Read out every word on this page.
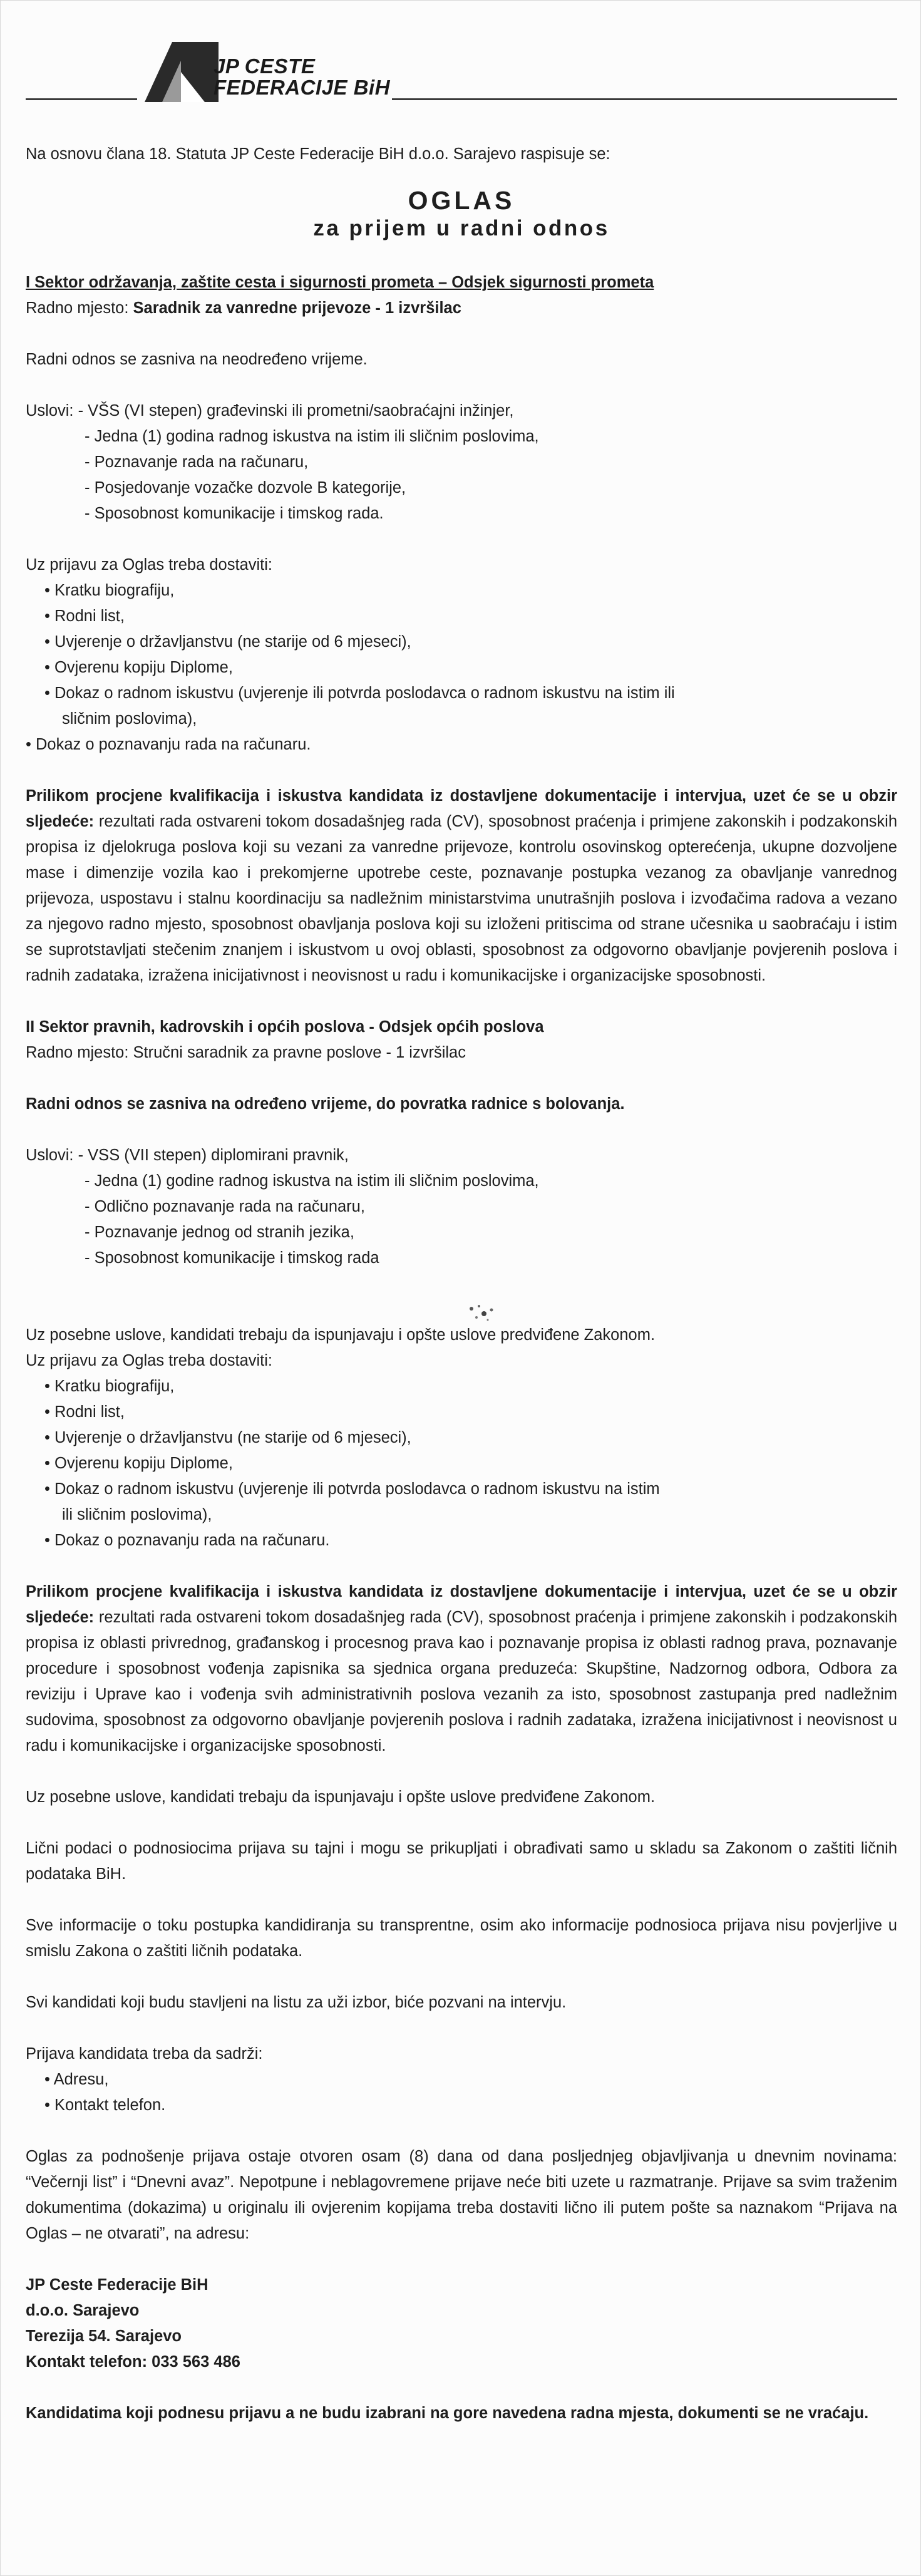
JP CESTE
FEDERACIJE BiH

Na osnovu člana 18. Statuta JP Ceste Federacije BiH d.o.o. Sarajevo raspisuje se:

OGLAS

za prijem u radni odnos

I Sektor održavanja, zaštite cesta i sigurnosti prometa – Odsjek sigurnosti prometa

Radno mjesto: Saradnik za vanredne prijevoze - 1 izvršilac

Radni odnos se zasniva na neodređeno vrijeme.

Uslovi: - VŠS (VI stepen) građevinski ili prometni/saobraćajni inžinjer,

- Jedna (1) godina radnog iskustva na istim ili sličnim poslovima,

- Poznavanje rada na računaru,

- Posjedovanje vozačke dozvole B kategorije,

- Sposobnost komunikacije i timskog rada.

Uz prijavu za Oglas treba dostaviti:

• Kratku biografiju,

• Rodni list,

• Uvjerenje o državljanstvu (ne starije od 6 mjeseci),

• Ovjerenu kopiju Diplome,

• Dokaz o radnom iskustvu (uvjerenje ili potvrda poslodavca o radnom iskustvu na istim ili

sličnim poslovima),

• Dokaz o poznavanju rada na računaru.

Prilikom procjene kvalifikacija i iskustva kandidata iz dostavljene dokumentacije i intervjua, uzet će se u obzir sljedeće: rezultati rada ostvareni tokom dosadašnjeg rada (CV), sposobnost praćenja i primjene zakonskih i podzakonskih propisa iz djelokruga poslova koji su vezani za vanredne prijevoze, kontrolu osovinskog opterećenja, ukupne dozvoljene mase i dimenzije vozila kao i prekomjerne upotrebe ceste, poznavanje postupka vezanog za obavljanje vanrednog prijevoza, uspostavu i stalnu koordinaciju sa nadležnim ministarstvima unutrašnjih poslova i izvođačima radova a vezano za njegovo radno mjesto, sposobnost obavljanja poslova koji su izloženi pritiscima od strane učesnika u saobraćaju i istim se suprotstavljati stečenim znanjem i iskustvom u ovoj oblasti, sposobnost za odgovorno obavljanje povjerenih poslova i radnih zadataka, izražena inicijativnost i neovisnost u radu i komunikacijske i organizacijske sposobnosti.

II Sektor pravnih, kadrovskih i općih poslova - Odsjek općih poslova

Radno mjesto: Stručni saradnik za pravne poslove - 1 izvršilac

Radni odnos se zasniva na određeno vrijeme, do povratka radnice s bolovanja.

Uslovi: - VSS (VII stepen) diplomirani pravnik,

- Jedna (1) godine radnog iskustva na istim ili sličnim poslovima,

- Odlično poznavanje rada na računaru,

- Poznavanje jednog od stranih jezika,

- Sposobnost komunikacije i timskog rada

Uz posebne uslove, kandidati trebaju da ispunjavaju i opšte uslove predviđene Zakonom.

Uz prijavu za Oglas treba dostaviti:

• Kratku biografiju,

• Rodni list,

• Uvjerenje o državljanstvu (ne starije od 6 mjeseci),

• Ovjerenu kopiju Diplome,

• Dokaz o radnom iskustvu (uvjerenje ili potvrda poslodavca o radnom iskustvu na istim

ili sličnim poslovima),

• Dokaz o poznavanju rada na računaru.

Prilikom procjene kvalifikacija i iskustva kandidata iz dostavljene dokumentacije i intervjua, uzet će se u obzir sljedeće: rezultati rada ostvareni tokom dosadašnjeg rada (CV), sposobnost praćenja i primjene zakonskih i podzakonskih propisa iz oblasti privrednog, građanskog i procesnog prava kao i poznavanje propisa iz oblasti radnog prava, poznavanje procedure i sposobnost vođenja zapisnika sa sjednica organa preduzeća: Skupštine, Nadzornog odbora, Odbora za reviziju i Uprave kao i vođenja svih administrativnih poslova vezanih za isto, sposobnost zastupanja pred nadležnim sudovima, sposobnost za odgovorno obavljanje povjerenih poslova i radnih zadataka, izražena inicijativnost i neovisnost u radu i komunikacijske i organizacijske sposobnosti.

Uz posebne uslove, kandidati trebaju da ispunjavaju i opšte uslove predviđene Zakonom.

Lični podaci o podnosiocima prijava su tajni i mogu se prikupljati i obrađivati samo u skladu sa Zakonom o zaštiti ličnih podataka BiH.

Sve informacije o toku postupka kandidiranja su transprentne, osim ako informacije podnosioca prijava nisu povjerljive u smislu Zakona o zaštiti ličnih podataka.

Svi kandidati koji budu stavljeni na listu za uži izbor, biće pozvani na intervju.

Prijava kandidata treba da sadrži:

• Adresu,

• Kontakt telefon.

Oglas za podnošenje prijava ostaje otvoren osam (8) dana od dana posljednjeg objavljivanja u dnevnim novinama: “Večernji list” i “Dnevni avaz”. Nepotpune i neblagovremene prijave neće biti uzete u razmatranje. Prijave sa svim traženim dokumentima (dokazima) u originalu ili ovjerenim kopijama treba dostaviti lično ili putem pošte sa naznakom “Prijava na Oglas – ne otvarati”, na adresu:

JP Ceste Federacije BiH

d.o.o. Sarajevo

Terezija 54. Sarajevo

Kontakt telefon: 033 563 486

Kandidatima koji podnesu prijavu a ne budu izabrani na gore navedena radna mjesta, dokumenti se ne vraćaju.
